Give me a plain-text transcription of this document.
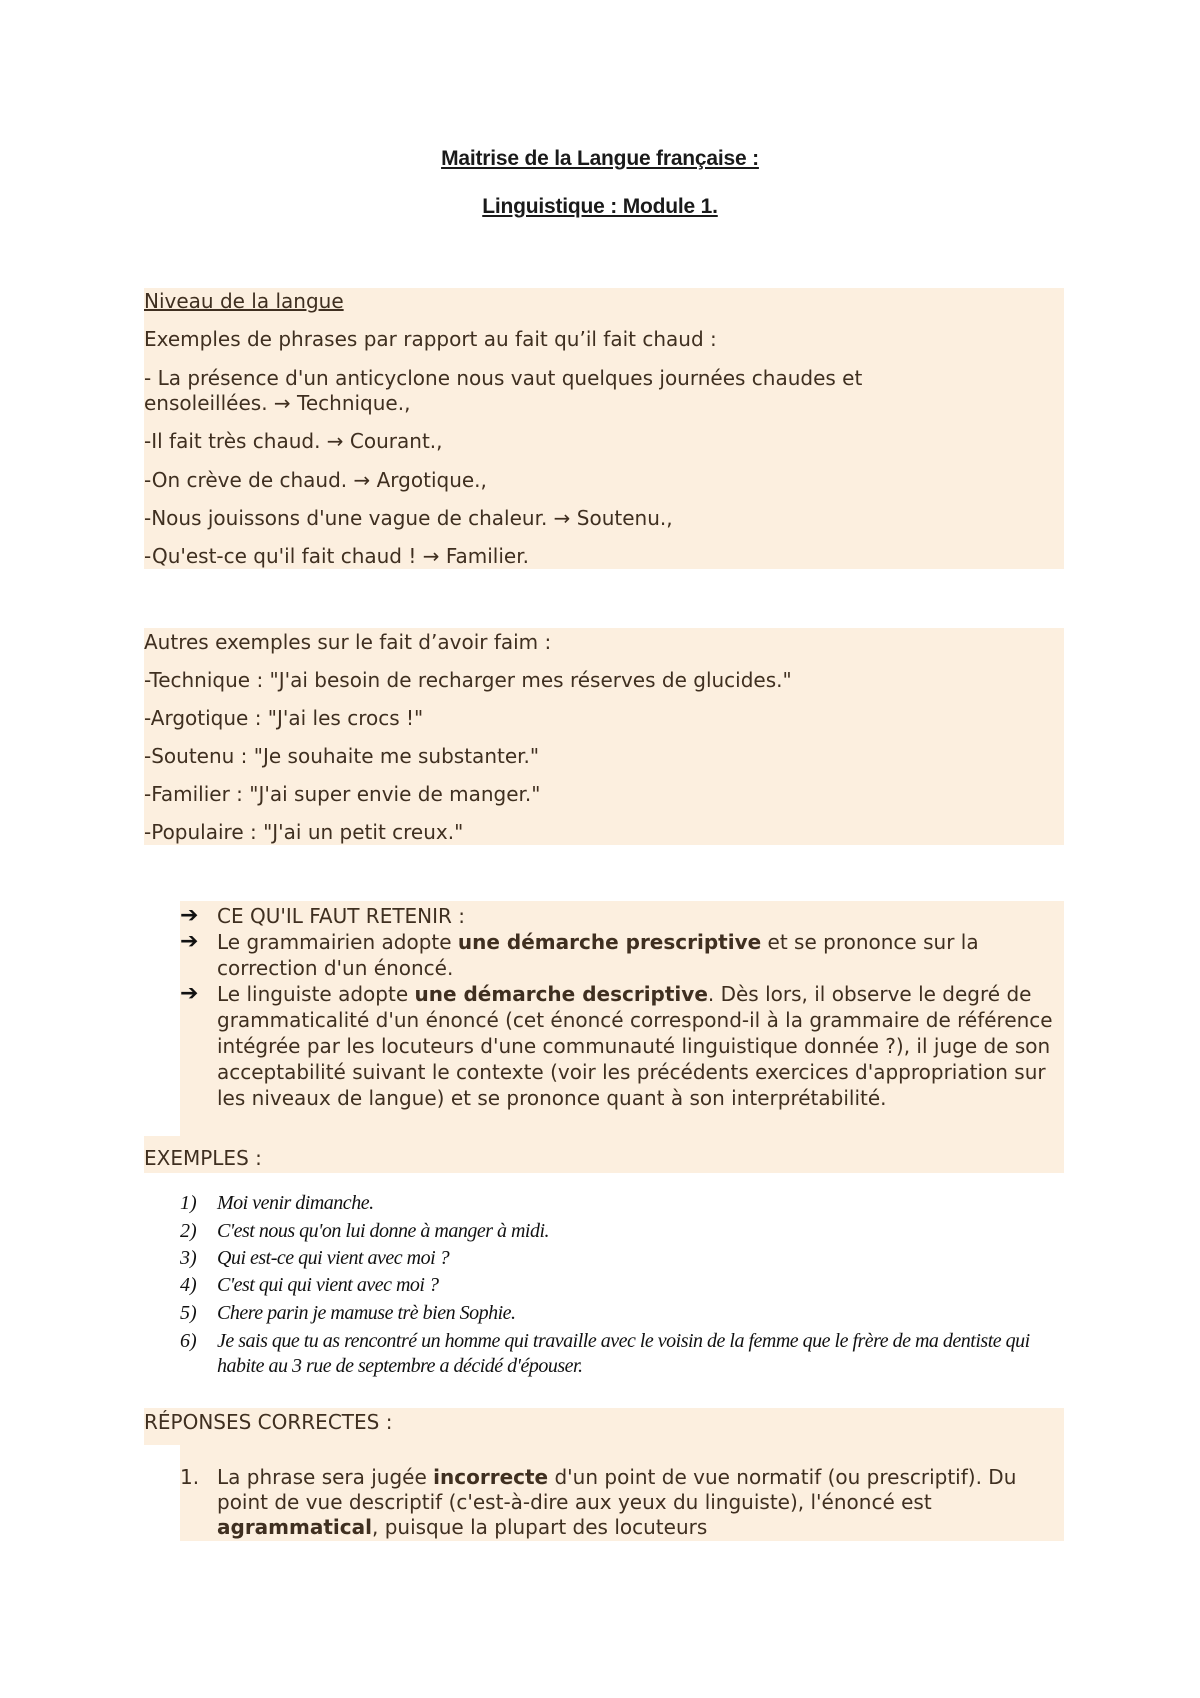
Maitrise de la Langue française :
Linguistique : Module 1.
Niveau de la langue
Exemples de phrases par rapport au fait qu’il fait chaud :
- La présence d'un anticyclone nous vaut quelques journées chaudes et
ensoleillées. → Technique.,
-Il fait très chaud. → Courant.,
-On crève de chaud. → Argotique.,
-Nous jouissons d'une vague de chaleur. → Soutenu.,
-Qu'est-ce qu'il fait chaud ! → Familier.
Autres exemples sur le fait d’avoir faim :
-Technique : "J'ai besoin de recharger mes réserves de glucides."
-Argotique : "J'ai les crocs !"
-Soutenu : "Je souhaite me substanter."
-Familier : "J'ai super envie de manger."
-Populaire : "J'ai un petit creux."
➔ CE QU'IL FAUT RETENIR :
➔ Le grammairien adopte une démarche prescriptive et se prononce sur la correction d'un énoncé.
➔ Le linguiste adopte une démarche descriptive. Dès lors, il observe le degré de grammaticalité d'un énoncé (cet énoncé correspond-il à la grammaire de référence intégrée par les locuteurs d'une communauté linguistique donnée ?), il juge de son acceptabilité suivant le contexte (voir les précédents exercices d'appropriation sur les niveaux de langue) et se prononce quant à son interprétabilité.
EXEMPLES :
1) Moi venir dimanche.
2) C'est nous qu'on lui donne à manger à midi.
3) Qui est-ce qui vient avec moi ?
4) C'est qui qui vient avec moi ?
5) Chere parin je mamuse trè bien Sophie.
6) Je sais que tu as rencontré un homme qui travaille avec le voisin de la femme que le frère de ma dentiste qui habite au 3 rue de septembre a décidé d'épouser.
RÉPONSES CORRECTES :
1. La phrase sera jugée incorrecte d'un point de vue normatif (ou prescriptif). Du point de vue descriptif (c'est-à-dire aux yeux du linguiste), l'énoncé est agrammatical, puisque la plupart des locuteurs
